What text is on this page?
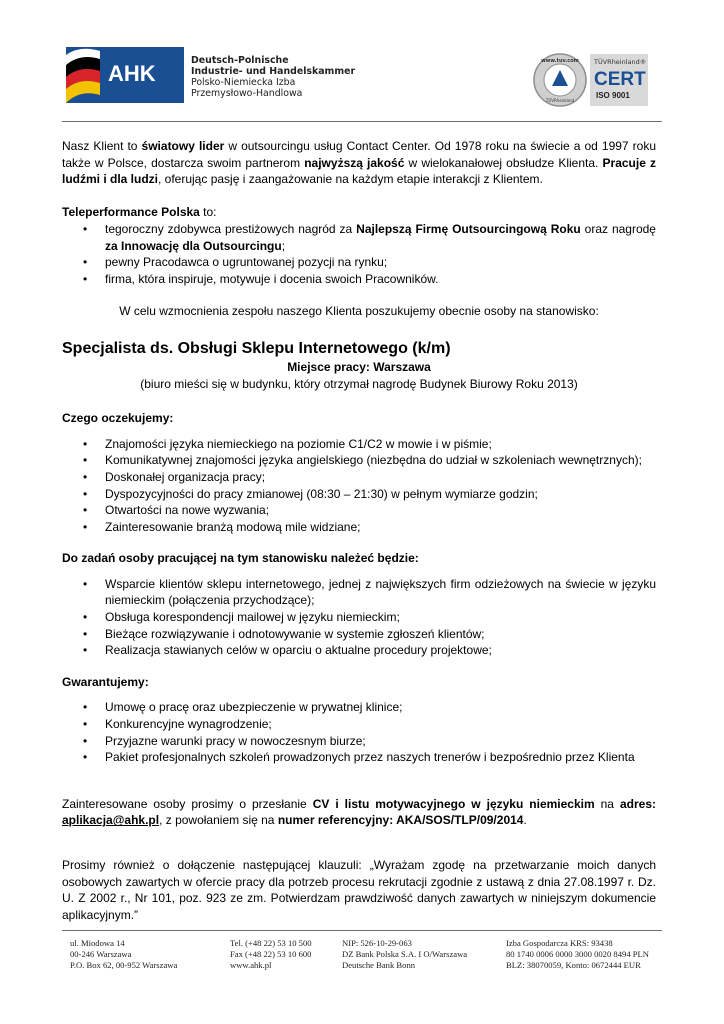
AHK
Deutsch-Polnische
Industrie- und Handelskammer
Polsko-Niemiecka Izba
Przemysłowo-Handlowa
www.tuv.com
TÜVRheinland
TÜVRheinland®
CERT
ISO 9001

Nasz Klient to światowy lider w outsourcingu usług Contact Center. Od 1978 roku na świecie a od 1997 roku także w Polsce, dostarcza swoim partnerom najwyższą jakość w wielokanałowej obsłudze Klienta. Pracuje z ludźmi i dla ludzi, oferując pasję i zaangażowanie na każdym etapie interakcji z Klientem.

Teleperformance Polska to:

• tegoroczny zdobywca prestiżowych nagród za Najlepszą Firmę Outsourcingową Roku oraz nagrodę za Innowację dla Outsourcingu;
• pewny Pracodawca o ugruntowanej pozycji na rynku;
• firma, która inspiruje, motywuje i docenia swoich Pracowników.

W celu wzmocnienia zespołu naszego Klienta poszukujemy obecnie osoby na stanowisko:

Specjalista ds. Obsługi Sklepu Internetowego (k/m)

Miejsce pracy: Warszawa

(biuro mieści się w budynku, który otrzymał nagrodę Budynek Biurowy Roku 2013)

Czego oczekujemy:

• Znajomości języka niemieckiego na poziomie C1/C2 w mowie i w piśmie;
• Komunikatywnej znajomości języka angielskiego (niezbędna do udział w szkoleniach wewnętrznych);
• Doskonałej organizacja pracy;
• Dyspozycyjności do pracy zmianowej (08:30 – 21:30) w pełnym wymiarze godzin;
• Otwartości na nowe wyzwania;
• Zainteresowanie branżą modową mile widziane;

Do zadań osoby pracującej na tym stanowisku należeć będzie:

• Wsparcie klientów sklepu internetowego, jednej z największych firm odzieżowych na świecie w języku niemieckim (połączenia przychodzące);
• Obsługa korespondencji mailowej w języku niemieckim;
• Bieżące rozwiązywanie i odnotowywanie w systemie zgłoszeń klientów;
• Realizacja stawianych celów w oparciu o aktualne procedury projektowe;

Gwarantujemy:

• Umowę o pracę oraz ubezpieczenie w prywatnej klinice;
• Konkurencyjne wynagrodzenie;
• Przyjazne warunki pracy w nowoczesnym biurze;
• Pakiet profesjonalnych szkoleń prowadzonych przez naszych trenerów i bezpośrednio przez Klienta

Zainteresowane osoby prosimy o przesłanie CV i listu motywacyjnego w języku niemieckim na adres: aplikacja@ahk.pl, z powołaniem się na numer referencyjny: AKA/SOS/TLP/09/2014.

Prosimy również o dołączenie następującej klauzuli: „Wyrażam zgodę na przetwarzanie moich danych osobowych zawartych w ofercie pracy dla potrzeb procesu rekrutacji zgodnie z ustawą z dnia 27.08.1997 r. Dz. U. Z 2002 r., Nr 101, poz. 923 ze zm. Potwierdzam prawdziwość danych zawartych w niniejszym dokumencie aplikacyjnym.”

ul. Miodowa 14
00-246 Warszawa
P.O. Box 62, 00-952 Warszawa
Tel. (+48 22) 53 10 500
Fax (+48 22) 53 10 600
www.ahk.pl
NIP: 526-10-29-063
DZ Bank Polska S.A. I O/Warszawa
Deutsche Bank Bonn
Izba Gospodarcza KRS: 93438
80 1740 0006 0000 3000 0020 8494 PLN
BLZ: 38070059, Konto: 0672444 EUR
